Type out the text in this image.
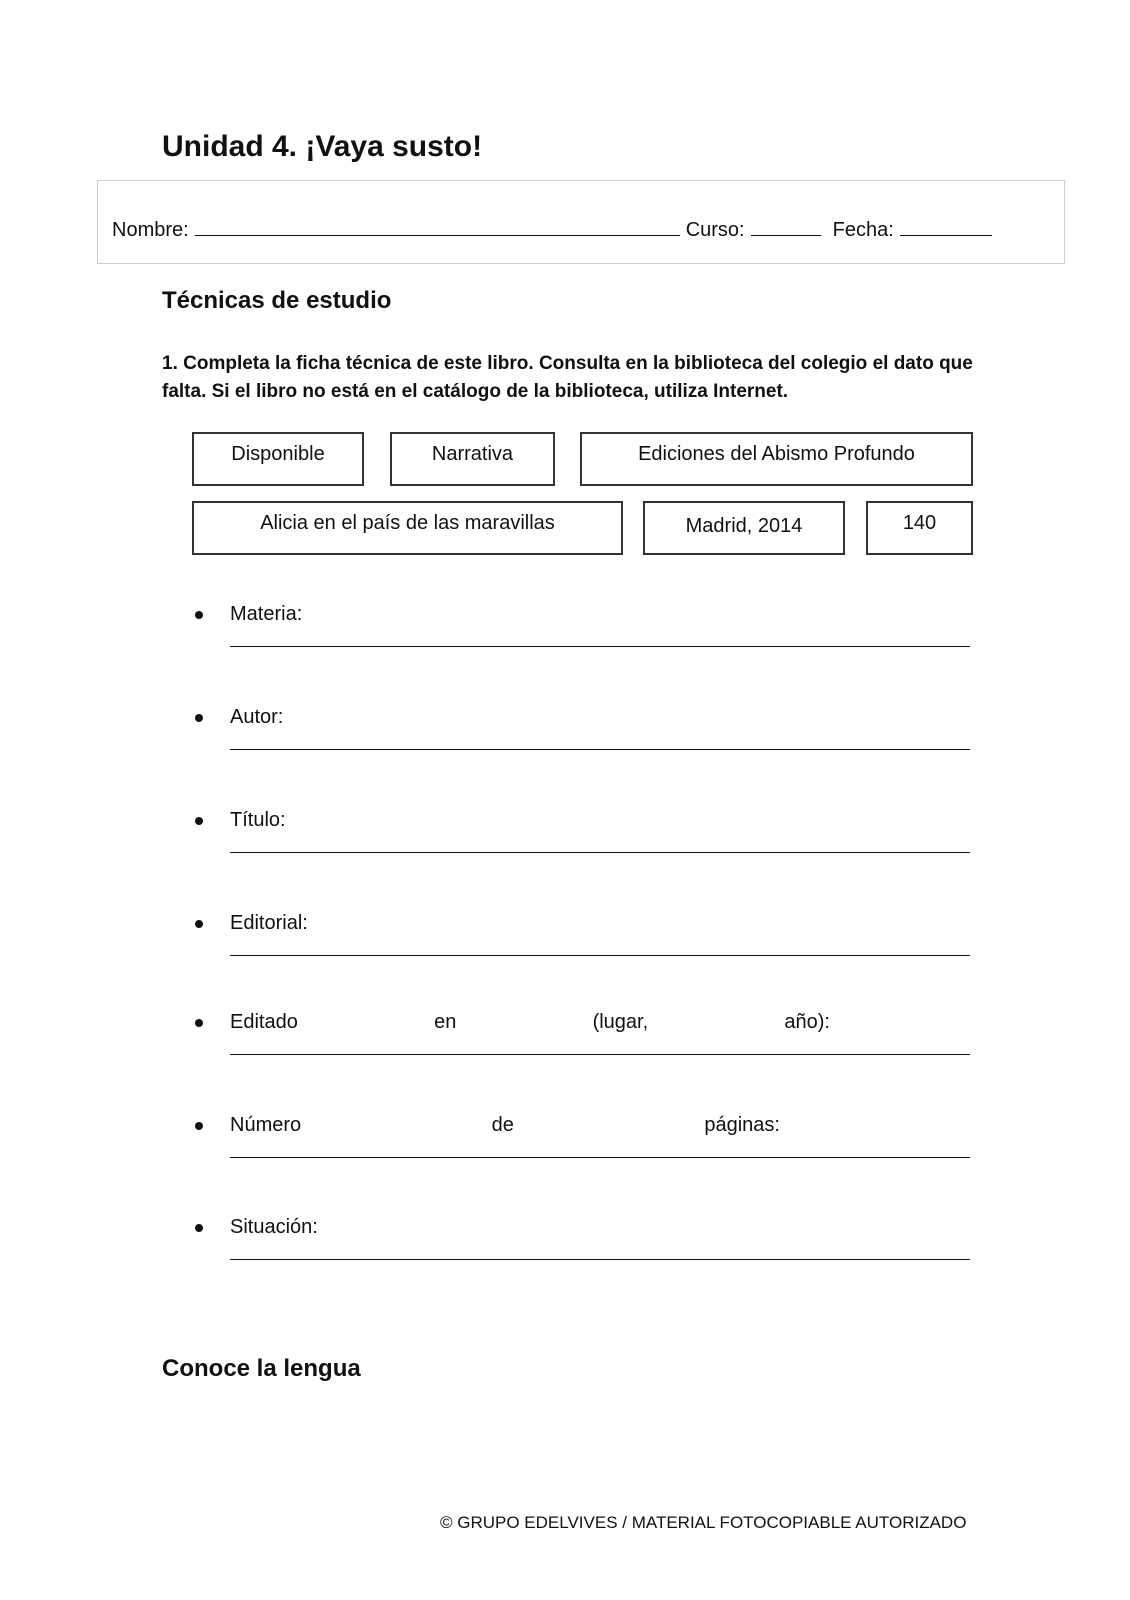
Unidad 4. ¡Vaya susto!
Nombre:	Curso:	Fecha:
Técnicas de estudio
1. Completa la ficha técnica de este libro. Consulta en la biblioteca del colegio el dato que falta. Si el libro no está en el catálogo de la biblioteca, utiliza Internet.
Disponible	Narrativa	Ediciones del Abismo Profundo
Alicia en el país de las maravillas	Madrid, 2014	140
Materia:
Autor:
Título:
Editorial:
Editado	en	(lugar,	año):
Número	de	páginas:
Situación:
Conoce la lengua
© GRUPO EDELVIVES / MATERIAL FOTOCOPIABLE AUTORIZADO
